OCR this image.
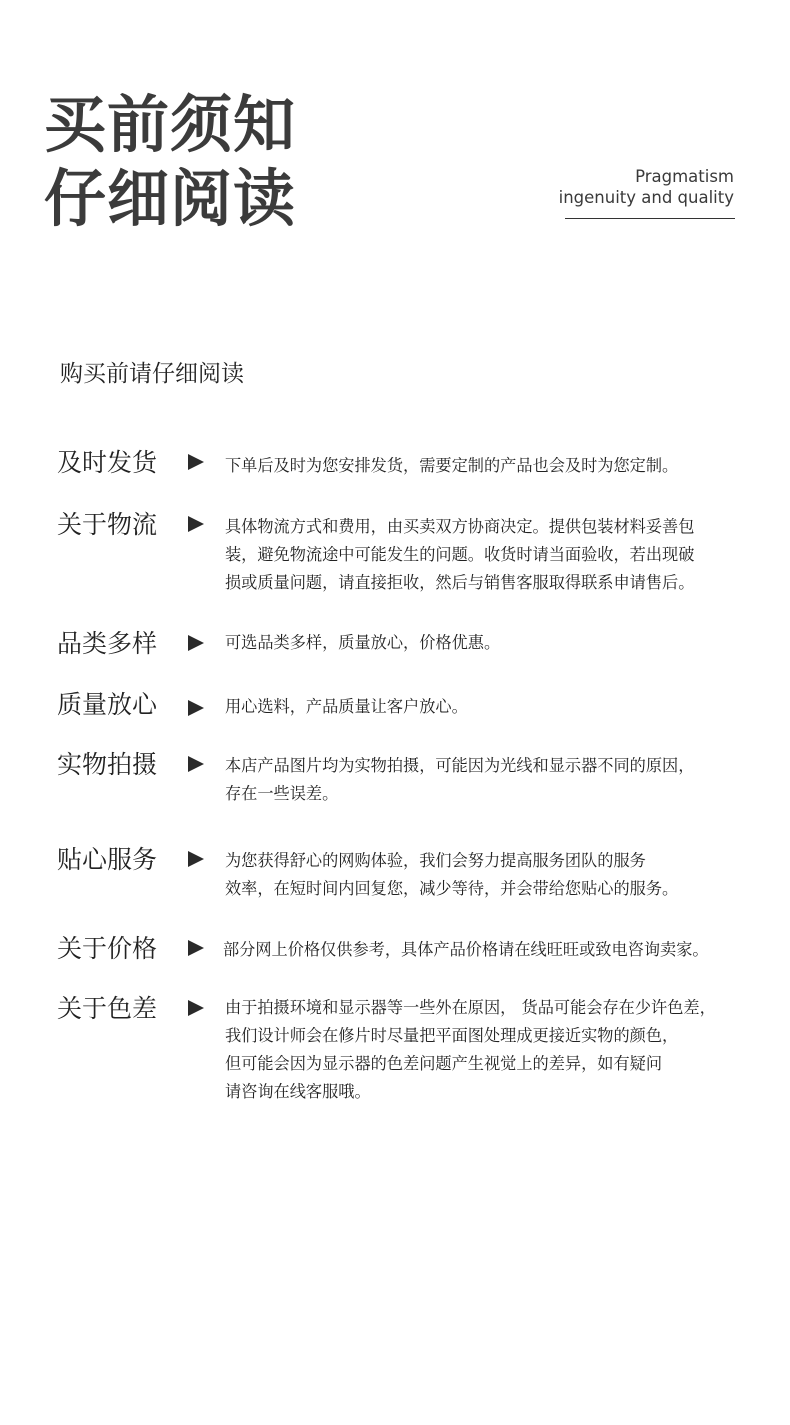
买前须知
仔细阅读	Pragmatism
ingenuity and quality
购买前请仔细阅读
及时发货	下单后及时为您安排发货，需要定制的产品也会及时为您定制。
关于物流	具体物流方式和费用，由买卖双方协商决定。提供包装材料妥善包
装，避免物流途中可能发生的问题。收货时请当面验收，若出现破
损或质量问题，请直接拒收，然后与销售客服取得联系申请售后。
品类多样	可选品类多样，质量放心，价格优惠。
质量放心	用心选料，产品质量让客户放心。
实物拍摄	本店产品图片均为实物拍摄，可能因为光线和显示器不同的原因，
存在一些误差。
贴心服务	为您获得舒心的网购体验，我们会努力提高服务团队的服务
效率，在短时间内回复您，减少等待，并会带给您贴心的服务。
关于价格	部分网上价格仅供参考，具体产品价格请在线旺旺或致电咨询卖家。
关于色差	由于拍摄环境和显示器等一些外在原因， 货品可能会存在少许色差，
我们设计师会在修片时尽量把平面图处理成更接近实物的颜色，
但可能会因为显示器的色差问题产生视觉上的差异，如有疑问
请咨询在线客服哦。
